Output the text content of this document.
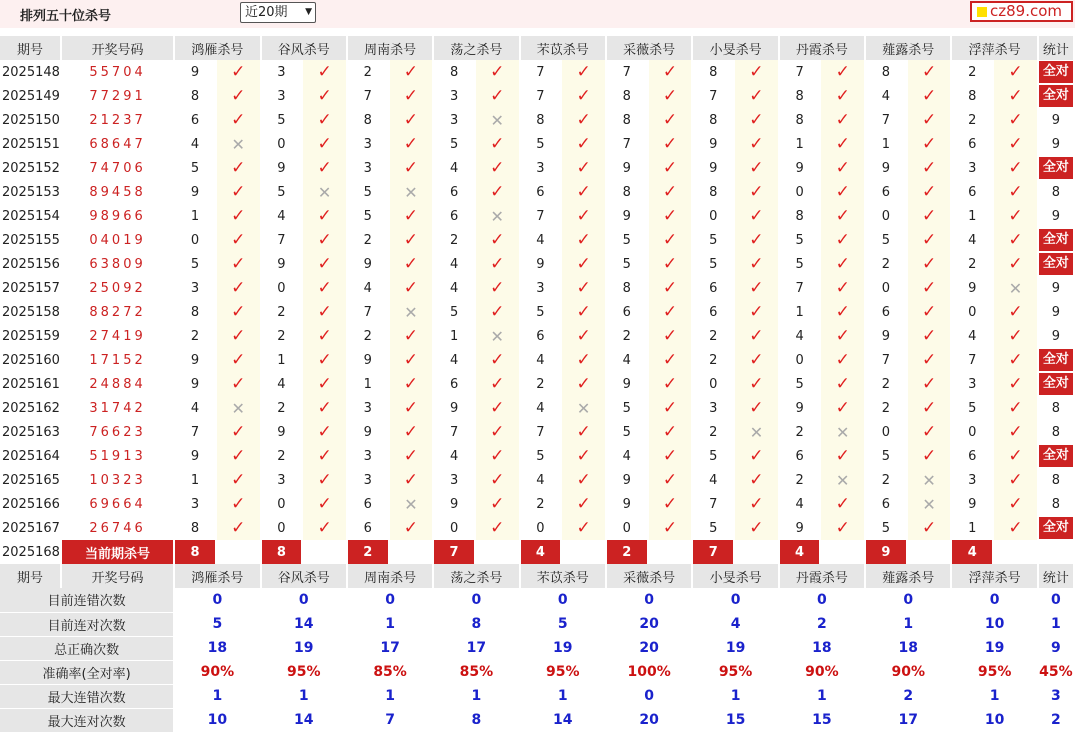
排列五十位杀号	近20期 ▼	cz89.com
期号	开奖号码	鸿雁杀号		谷风杀号		周南杀号		荡之杀号		芣苡杀号		采薇杀号		小旻杀号		丹霞杀号		薤露杀号		浮萍杀号		统计
2025148	55704	9	✓	3	✓	2	✓	8	✓	7	✓	7	✓	8	✓	7	✓	8	✓	2	✓	全对
2025149	77291	8	✓	3	✓	7	✓	3	✓	7	✓	8	✓	7	✓	8	✓	4	✓	8	✓	全对
2025150	21237	6	✓	5	✓	8	✓	3	✕	8	✓	8	✓	8	✓	8	✓	7	✓	2	✓	9
2025151	68647	4	✕	0	✓	3	✓	5	✓	5	✓	7	✓	9	✓	1	✓	1	✓	6	✓	9
2025152	74706	5	✓	9	✓	3	✓	4	✓	3	✓	9	✓	9	✓	9	✓	9	✓	3	✓	全对
2025153	89458	9	✓	5	✕	5	✕	6	✓	6	✓	8	✓	8	✓	0	✓	6	✓	6	✓	8
2025154	98966	1	✓	4	✓	5	✓	6	✕	7	✓	9	✓	0	✓	8	✓	0	✓	1	✓	9
2025155	04019	0	✓	7	✓	2	✓	2	✓	4	✓	5	✓	5	✓	5	✓	5	✓	4	✓	全对
2025156	63809	5	✓	9	✓	9	✓	4	✓	9	✓	5	✓	5	✓	5	✓	2	✓	2	✓	全对
2025157	25092	3	✓	0	✓	4	✓	4	✓	3	✓	8	✓	6	✓	7	✓	0	✓	9	✕	9
2025158	88272	8	✓	2	✓	7	✕	5	✓	5	✓	6	✓	6	✓	1	✓	6	✓	0	✓	9
2025159	27419	2	✓	2	✓	2	✓	1	✕	6	✓	2	✓	2	✓	4	✓	9	✓	4	✓	9
2025160	17152	9	✓	1	✓	9	✓	4	✓	4	✓	4	✓	2	✓	0	✓	7	✓	7	✓	全对
2025161	24884	9	✓	4	✓	1	✓	6	✓	2	✓	9	✓	0	✓	5	✓	2	✓	3	✓	全对
2025162	31742	4	✕	2	✓	3	✓	9	✓	4	✕	5	✓	3	✓	9	✓	2	✓	5	✓	8
2025163	76623	7	✓	9	✓	9	✓	7	✓	7	✓	5	✓	2	✕	2	✕	0	✓	0	✓	8
2025164	51913	9	✓	2	✓	3	✓	4	✓	5	✓	4	✓	5	✓	6	✓	5	✓	6	✓	全对
2025165	10323	1	✓	3	✓	3	✓	3	✓	4	✓	9	✓	4	✓	2	✕	2	✕	3	✓	8
2025166	69664	3	✓	0	✓	6	✕	9	✓	2	✓	9	✓	7	✓	4	✓	6	✕	9	✓	8
2025167	26746	8	✓	0	✓	6	✓	0	✓	0	✓	0	✓	5	✓	9	✓	5	✓	1	✓	全对
2025168	当前期杀号	8		8		2		7		4		2		7		4		9		4		
期号	开奖号码	鸿雁杀号		谷风杀号		周南杀号		荡之杀号		芣苡杀号		采薇杀号		小旻杀号		丹霞杀号		薤露杀号		浮萍杀号		统计
目前连错次数		0		0		0		0		0		0		0		0		0		0		0
目前连对次数		5		14		1		8		5		20		4		2		1		10		1
总正确次数		18		19		17		17		19		20		19		18		18		19		9
准确率(全对率)		90%		95%		85%		85%		95%		100%		95%		90%		90%		95%		45%
最大连错次数		1		1		1		1		1		0		1		1		2		1		3
最大连对次数		10		14		7		8		14		20		15		15		17		10		2
